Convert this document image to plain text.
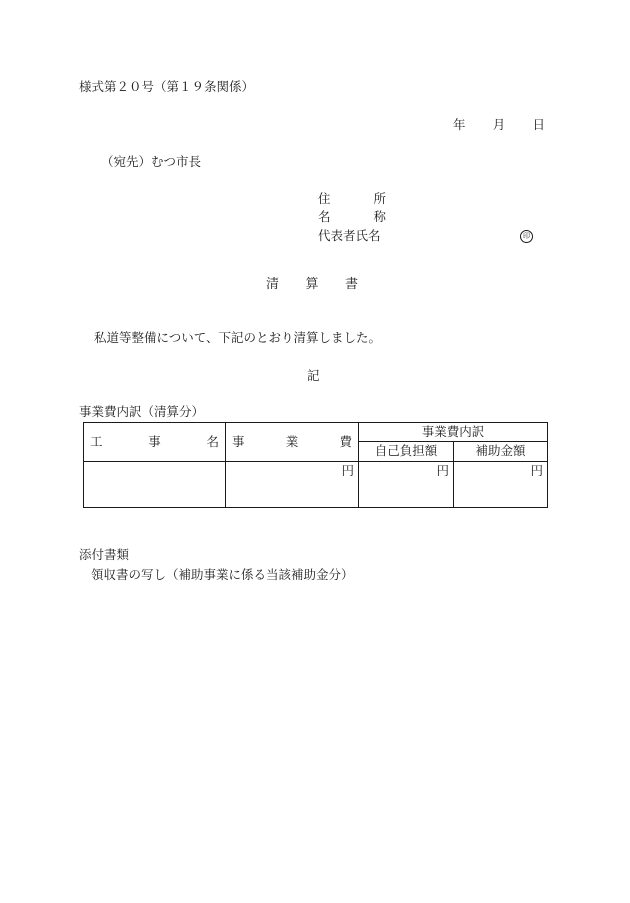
様式第２０号（第１９条関係）
年 月 日
（宛先）むつ市長
住	所
名	称
代表者氏名	印
清 算 書
私道等整備について、下記のとおり清算しました。
記
事業費内訳（清算分）
工 事 名	事 業 費	事業費内訳	
		自己負担額	補助金額
	円	円	円
添付書類
領収書の写し（補助事業に係る当該補助金分）
